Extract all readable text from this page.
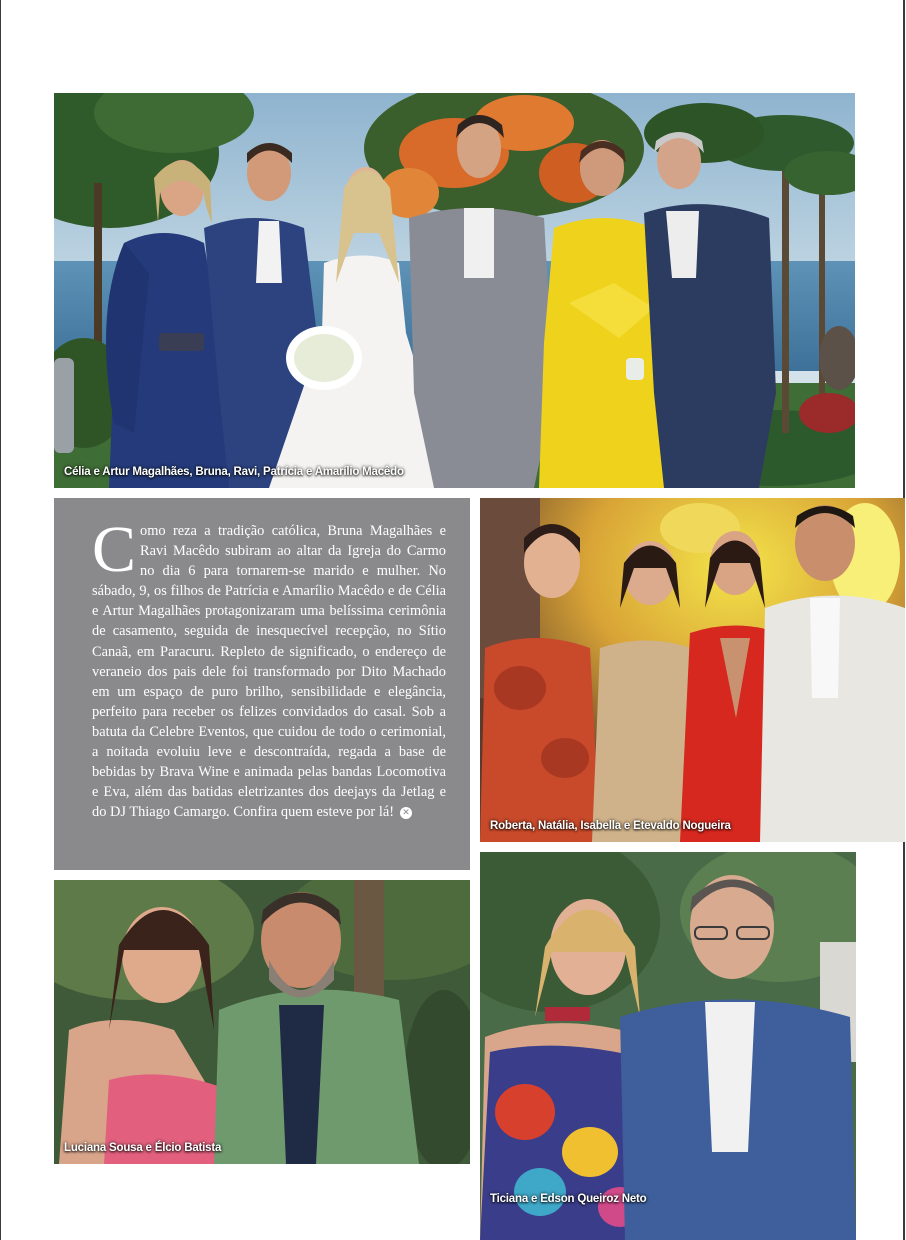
Célia e Artur Magalhães, Bruna, Ravi, Patrícia e Amarílio Macêdo

Como reza a tradição católica, Bruna Magalhães e Ravi Macêdo subiram ao altar da Igreja do Carmo no dia 6 para tornarem-se marido e mulher. No sábado, 9, os filhos de Patrícia e Amarílio Macêdo e de Célia e Artur Magalhães protagonizaram uma belíssima cerimônia de casamento, seguida de inesquecível recepção, no Sítio Canaã, em Paracuru. Repleto de significado, o endereço de veraneio dos pais dele foi transformado por Dito Machado em um espaço de puro brilho, sensibilidade e elegância, perfeito para receber os felizes convidados do casal. Sob a batuta da Celebre Eventos, que cuidou de todo o cerimonial, a noitada evoluiu leve e descontraída, regada a base de bebidas by Brava Wine e animada pelas bandas Locomotiva e Eva, além das batidas eletrizantes dos deejays da Jetlag e do DJ Thiago Camargo. Confira quem esteve por lá! ✕

Roberta, Natália, Isabella e Etevaldo Nogueira
Luciana Sousa e Élcio Batista
Ticiana e Edson Queiroz Neto
